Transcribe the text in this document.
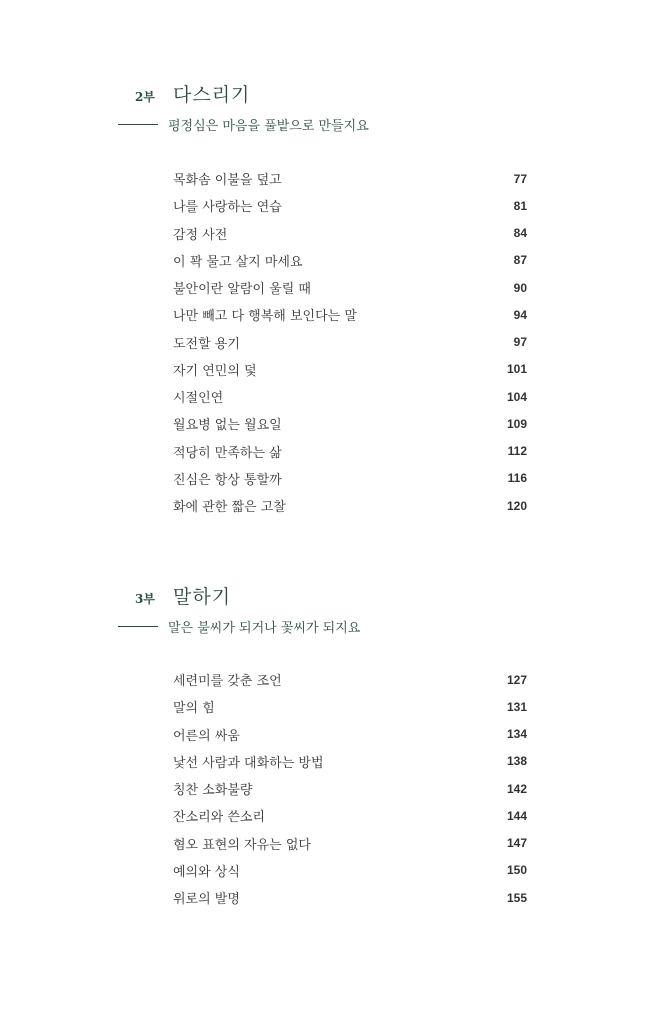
2부 다스리기
평정심은 마음을 풀밭으로 만들지요
목화솜 이불을 덮고	77
나를 사랑하는 연습	81
감정 사전	84
이 꽉 물고 살지 마세요	87
불안이란 알람이 울릴 때	90
나만 빼고 다 행복해 보인다는 말	94
도전할 용기	97
자기 연민의 덫	101
시절인연	104
월요병 없는 월요일	109
적당히 만족하는 삶	112
진심은 항상 통할까	116
화에 관한 짧은 고찰	120
3부 말하기
말은 불씨가 되거나 꽃씨가 되지요
세련미를 갖춘 조언	127
말의 힘	131
어른의 싸움	134
낯선 사람과 대화하는 방법	138
칭찬 소화불량	142
잔소리와 쓴소리	144
혐오 표현의 자유는 없다	147
예의와 상식	150
위로의 발명	155
